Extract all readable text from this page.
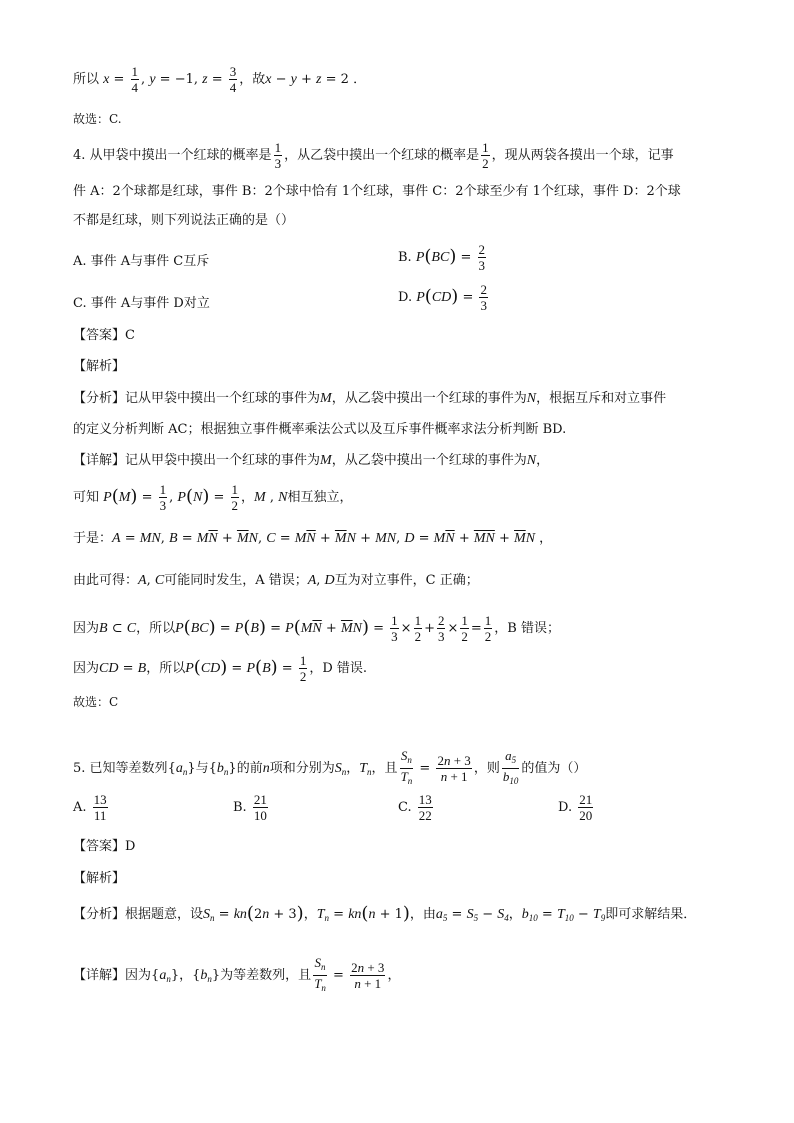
所以 $x = \frac{1}{4}$ , y = −1, $z = \frac{3}{4}$ ，故x − y + z = 2 ．
故选：C.
4. 从甲袋中摸出一个红球的概率是 $\frac{1}{3}$ ，从乙袋中摸出一个红球的概率是 $\frac{1}{2}$ ，现从两袋各摸出一个球，记事
件 A：2个球都是红球，事件 B：2个球中恰有 1个红球，事件 C：2个球至少有 1个红球，事件 D：2个球
不都是红球，则下列说法正确的是（）
A. 事件 A与事件 C互斥	B. $P(BC) = \frac{2}{3}$
C. 事件 A与事件 D对立	D. $P(CD) = \frac{2}{3}$
【答案】C
【解析】
【分析】记从甲袋中摸出一个红球的事件为M，从乙袋中摸出一个红球的事件为N，根据互斥和对立事件
的定义分析判断 AC；根据独立事件概率乘法公式以及互斥事件概率求法分析判断 BD.
【详解】记从甲袋中摸出一个红球的事件为M，从乙袋中摸出一个红球的事件为N，
可知 $P(M) = \frac{1}{3}$ , $P(N) = \frac{1}{2}$ ，M , N相互独立，
于是：A = MN, $B = M\overline{N} + \overline{M}N$, $C = M\overline{N} + \overline{M}N$ + MN, $D = M\overline{N} + \overline{MN} + \overline{M}N$ ，
由此可得：A, C可能同时发生，A 错误；A, D互为对立事件，C 正确；
因为B ⊂ C，所以$P(BC) = P(B) = P(M\overline{N} + \overline{M}N) = \frac{1}{3} \times \frac{1}{2} + \frac{2}{3} \times \frac{1}{2} = \frac{1}{2}$ ，B 错误；
因为CD = B，所以$P(CD) = P(B) = \frac{1}{2}$ ，D 错误.
故选：C
5. 已知等差数列$\{a_n\}$与$\{b_n\}$的前n项和分别为$S_n$，$T_n$，且 $\frac{S_n}{T_n} = \frac{2n + 3}{n + 1}$ ，则 $\frac{a_5}{b_{10}}$ 的值为（）
A. $\frac{13}{11}$	B. $\frac{21}{10}$	C. $\frac{13}{22}$	D. $\frac{21}{20}$
【答案】D
【解析】
【分析】根据题意，设$S_n = kn(2n + 3)$，$T_n = kn(n + 1)$，由$a_5 = S_5 - S_4$，$b_{10} = T_{10} - T_9$即可求解结果．
【详解】因为$\{a_n\}$，$\{b_n\}$为等差数列，且 $\frac{S_n}{T_n} = \frac{2n + 3}{n + 1}$ ，
